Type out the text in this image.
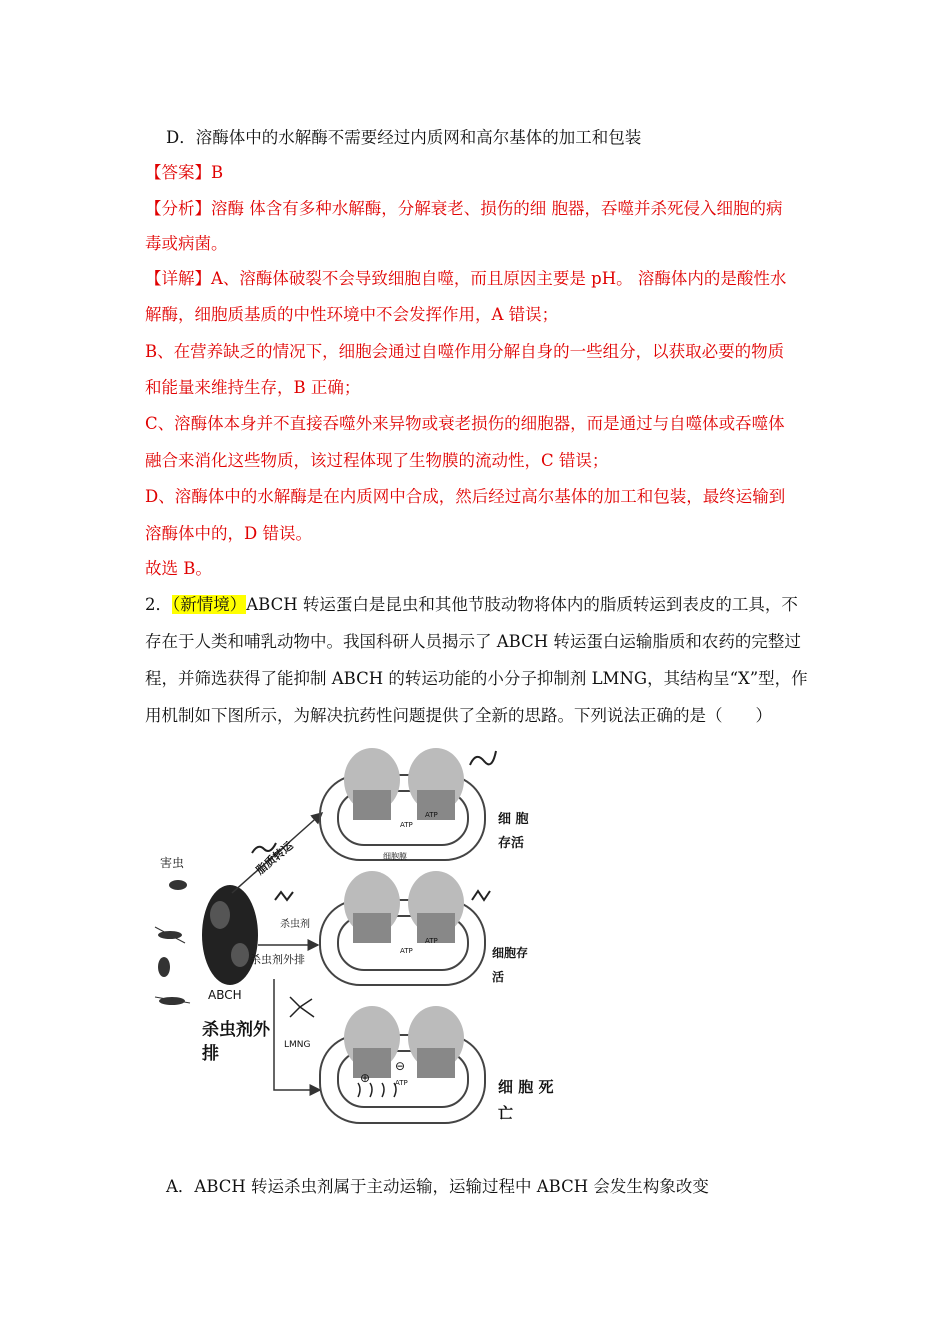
D．溶酶体中的水解酶不需要经过内质网和高尔基体的加工和包装
【答案】B
【分析】溶酶 体含有多种水解酶，分解衰老、损伤的细 胞器，吞噬并杀死侵入细胞的病
毒或病菌。
【详解】A、溶酶体破裂不会导致细胞自噬，而且原因主要是 pH。 溶酶体内的是酸性水
解酶，细胞质基质的中性环境中不会发挥作用，A 错误；
B、在营养缺乏的情况下，细胞会通过自噬作用分解自身的一些组分，以获取必要的物质
和能量来维持生存，B 正确；
C、溶酶体本身并不直接吞噬外来异物或衰老损伤的细胞器，而是通过与自噬体或吞噬体
融合来消化这些物质，该过程体现了生物膜的流动性，C 错误；
D、溶酶体中的水解酶是在内质网中合成，然后经过高尔基体的加工和包装，最终运输到
溶酶体中的，D 错误。
故选 B。
2．（新情境）ABCH 转运蛋白是昆虫和其他节肢动物将体内的脂质转运到表皮的工具，不
存在于人类和哺乳动物中。我国科研人员揭示了 ABCH 转运蛋白运输脂质和农药的完整过
程，并筛选获得了能抑制 ABCH 的转运功能的小分子抑制剂 LMNG，其结构呈“X”型，作
用机制如下图所示，为解决抗药性问题提供了全新的思路。下列说法正确的是（　　）
害虫
ABCH
杀虫剂外
排
脂质转运
杀虫剂
杀虫剂外排
LMNG
ATP
ATP
细胞膜
细 胞
存活
ATP
ATP
细胞存
活
⊕
⊖
ATP	细 胞 死
亡
A．ABCH 转运杀虫剂属于主动运输，运输过程中 ABCH 会发生构象改变
